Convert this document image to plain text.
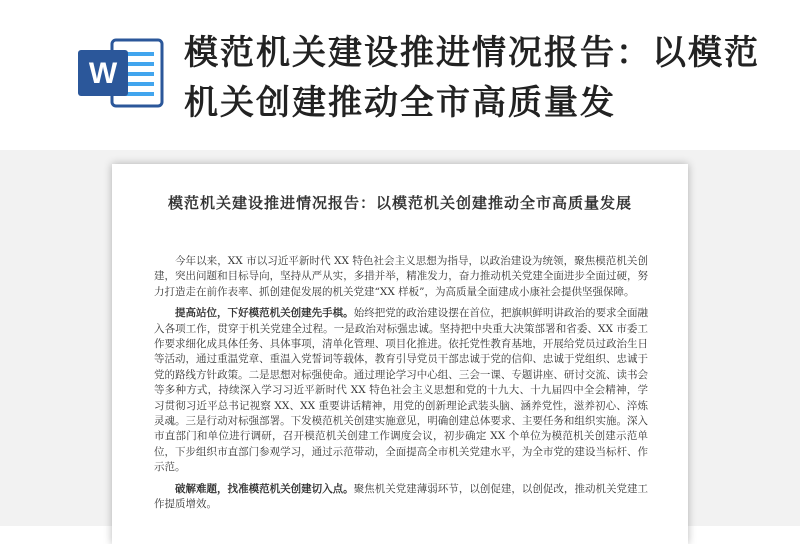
W
模范机关建设推进情况报告：以模范机关创建推动全市高质量发
模范机关建设推进情况报告：以模范机关创建推动全市高质量发展

今年以来，XX 市以习近平新时代 XX 特色社会主义思想为指导，以政治建设为统领，聚焦模范机关创建，突出问题和目标导向，坚持从严从实，多措并举，精准发力，奋力推动机关党建全面进步全面过硬，努力打造走在前作表率、抓创建促发展的机关党建“XX 样板”，为高质量全面建成小康社会提供坚强保障。

提高站位，下好模范机关创建先手棋。始终把党的政治建设摆在首位，把旗帜鲜明讲政治的要求全面融入各项工作，贯穿于机关党建全过程。一是政治对标强忠诚。坚持把中央重大决策部署和省委、XX 市委工作要求细化成具体任务、具体事项，清单化管理、项目化推进。依托党性教育基地，开展给党员过政治生日等活动，通过重温党章、重温入党誓词等载体，教育引导党员干部忠诚于党的信仰、忠诚于党组织、忠诚于党的路线方针政策。二是思想对标强使命。通过理论学习中心组、三会一课、专题讲座、研讨交流、读书会等多种方式，持续深入学习习近平新时代 XX 特色社会主义思想和党的十九大、十九届四中全会精神，学习贯彻习近平总书记视察 XX、XX 重要讲话精神，用党的创新理论武装头脑、涵养党性，滋养初心、淬炼灵魂。三是行动对标强部署。下发模范机关创建实施意见，明确创建总体要求、主要任务和组织实施。深入市直部门和单位进行调研，召开模范机关创建工作调度会议，初步确定 XX 个单位为模范机关创建示范单位，下步组织市直部门参观学习，通过示范带动，全面提高全市机关党建水平，为全市党的建设当标杆、作示范。

破解难题，找准模范机关创建切入点。聚焦机关党建薄弱环节，以创促建，以创促改，推动机关党建工作提质增效。
